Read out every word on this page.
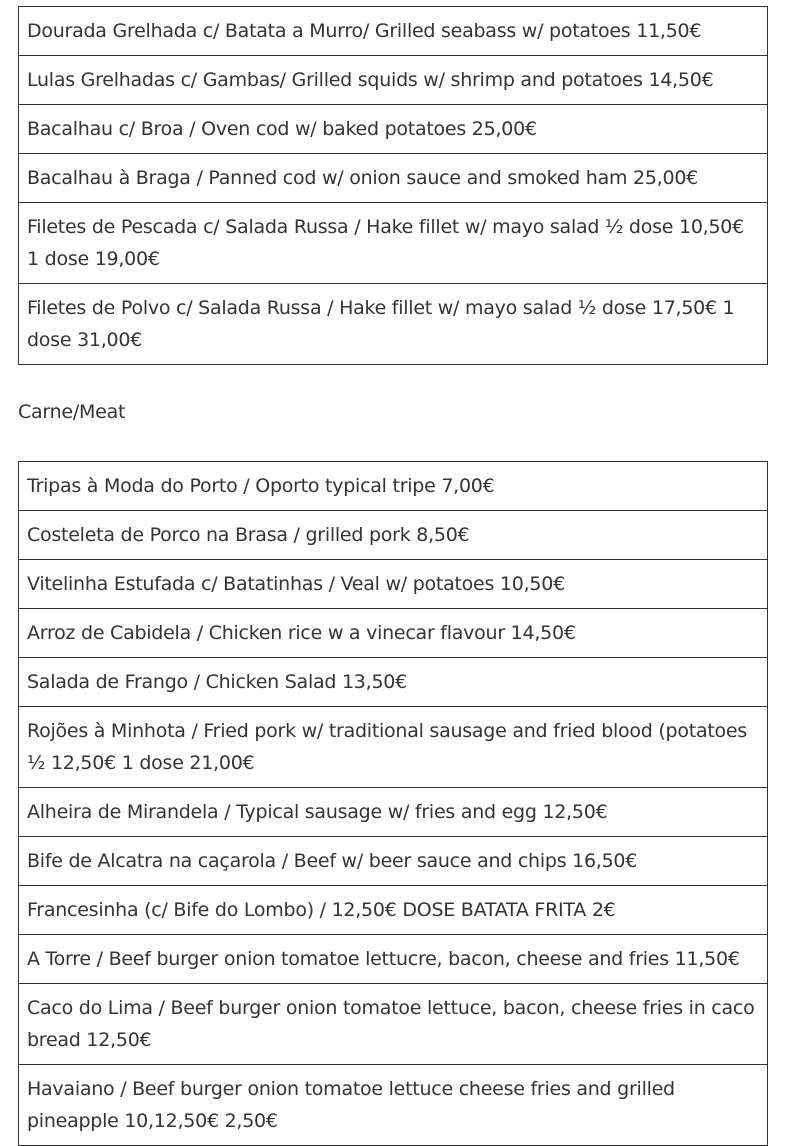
Dourada Grelhada c/ Batata a Murro/ Grilled seabass w/ potatoes 11,50€
Lulas Grelhadas c/ Gambas/ Grilled squids w/ shrimp and potatoes 14,50€
Bacalhau c/ Broa / Oven cod w/ baked potatoes 25,00€
Bacalhau à Braga / Panned cod w/ onion sauce and smoked ham 25,00€
Filetes de Pescada c/ Salada Russa / Hake fillet w/ mayo salad ½ dose 10,50€ 1 dose 19,00€
Filetes de Polvo c/ Salada Russa / Hake fillet w/ mayo salad ½ dose 17,50€ 1 dose 31,00€

Carne/Meat

Tripas à Moda do Porto / Oporto typical tripe 7,00€
Costeleta de Porco na Brasa / grilled pork 8,50€
Vitelinha Estufada c/ Batatinhas / Veal w/ potatoes 10,50€
Arroz de Cabidela / Chicken rice w a vinecar flavour 14,50€
Salada de Frango / Chicken Salad 13,50€
Rojões à Minhota / Fried pork w/ traditional sausage and fried blood (potatoes ½ 12,50€ 1 dose 21,00€
Alheira de Mirandela / Typical sausage w/ fries and egg 12,50€
Bife de Alcatra na caçarola / Beef w/ beer sauce and chips 16,50€
Francesinha (c/ Bife do Lombo) / 12,50€ DOSE BATATA FRITA 2€
A Torre / Beef burger onion tomatoe lettucre, bacon, cheese and fries 11,50€
Caco do Lima / Beef burger onion tomatoe lettuce, bacon, cheese fries in caco bread 12,50€
Havaiano / Beef burger onion tomatoe lettuce cheese fries and grilled pineapple 10,12,50€ 2,50€
